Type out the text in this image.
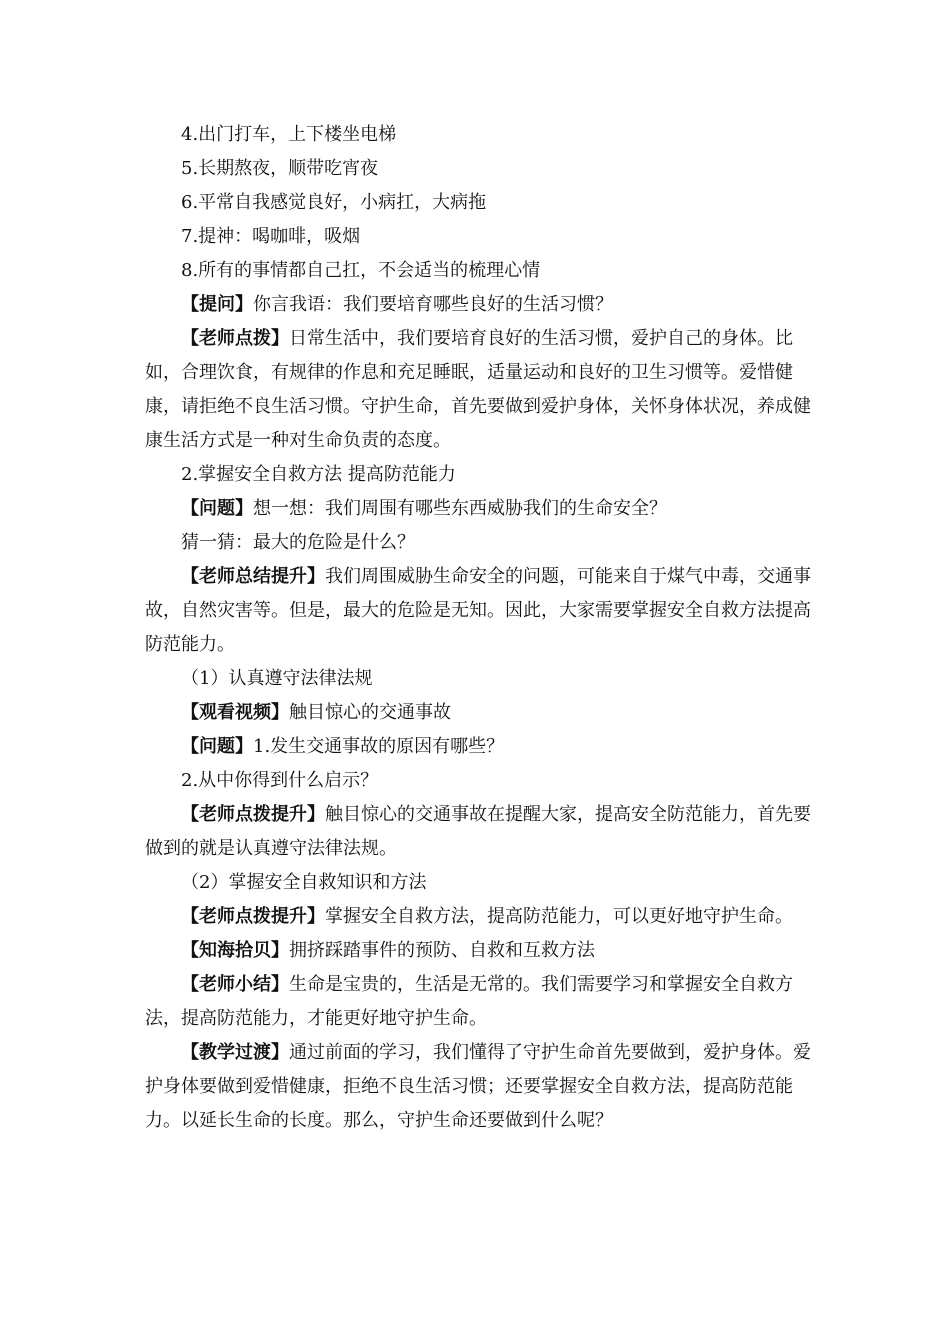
4.出门打车，上下楼坐电梯

5.长期熬夜，顺带吃宵夜

6.平常自我感觉良好，小病扛，大病拖

7.提神：喝咖啡，吸烟

8.所有的事情都自己扛，不会适当的梳理心情

【提问】你言我语：我们要培育哪些良好的生活习惯？

【老师点拨】日常生活中，我们要培育良好的生活习惯，爱护自己的身体。比如，合理饮食，有规律的作息和充足睡眠，适量运动和良好的卫生习惯等。爱惜健康，请拒绝不良生活习惯。守护生命，首先要做到爱护身体，关怀身体状况，养成健康生活方式是一种对生命负责的态度。

2.掌握安全自救方法 提高防范能力

【问题】想一想：我们周围有哪些东西威胁我们的生命安全？

猜一猜：最大的危险是什么？

【老师总结提升】我们周围威胁生命安全的问题，可能来自于煤气中毒，交通事故，自然灾害等。但是，最大的危险是无知。因此，大家需要掌握安全自救方法提高防范能力。

（1）认真遵守法律法规

【观看视频】触目惊心的交通事故

【问题】1.发生交通事故的原因有哪些？

2.从中你得到什么启示？

【老师点拨提升】触目惊心的交通事故在提醒大家，提高安全防范能力，首先要做到的就是认真遵守法律法规。

（2）掌握安全自救知识和方法

【老师点拨提升】掌握安全自救方法，提高防范能力，可以更好地守护生命。

【知海拾贝】拥挤踩踏事件的预防、自救和互救方法

【老师小结】生命是宝贵的，生活是无常的。我们需要学习和掌握安全自救方法，提高防范能力，才能更好地守护生命。

【教学过渡】通过前面的学习，我们懂得了守护生命首先要做到，爱护身体。爱护身体要做到爱惜健康，拒绝不良生活习惯；还要掌握安全自救方法，提高防范能力。以延长生命的长度。那么，守护生命还要做到什么呢？
